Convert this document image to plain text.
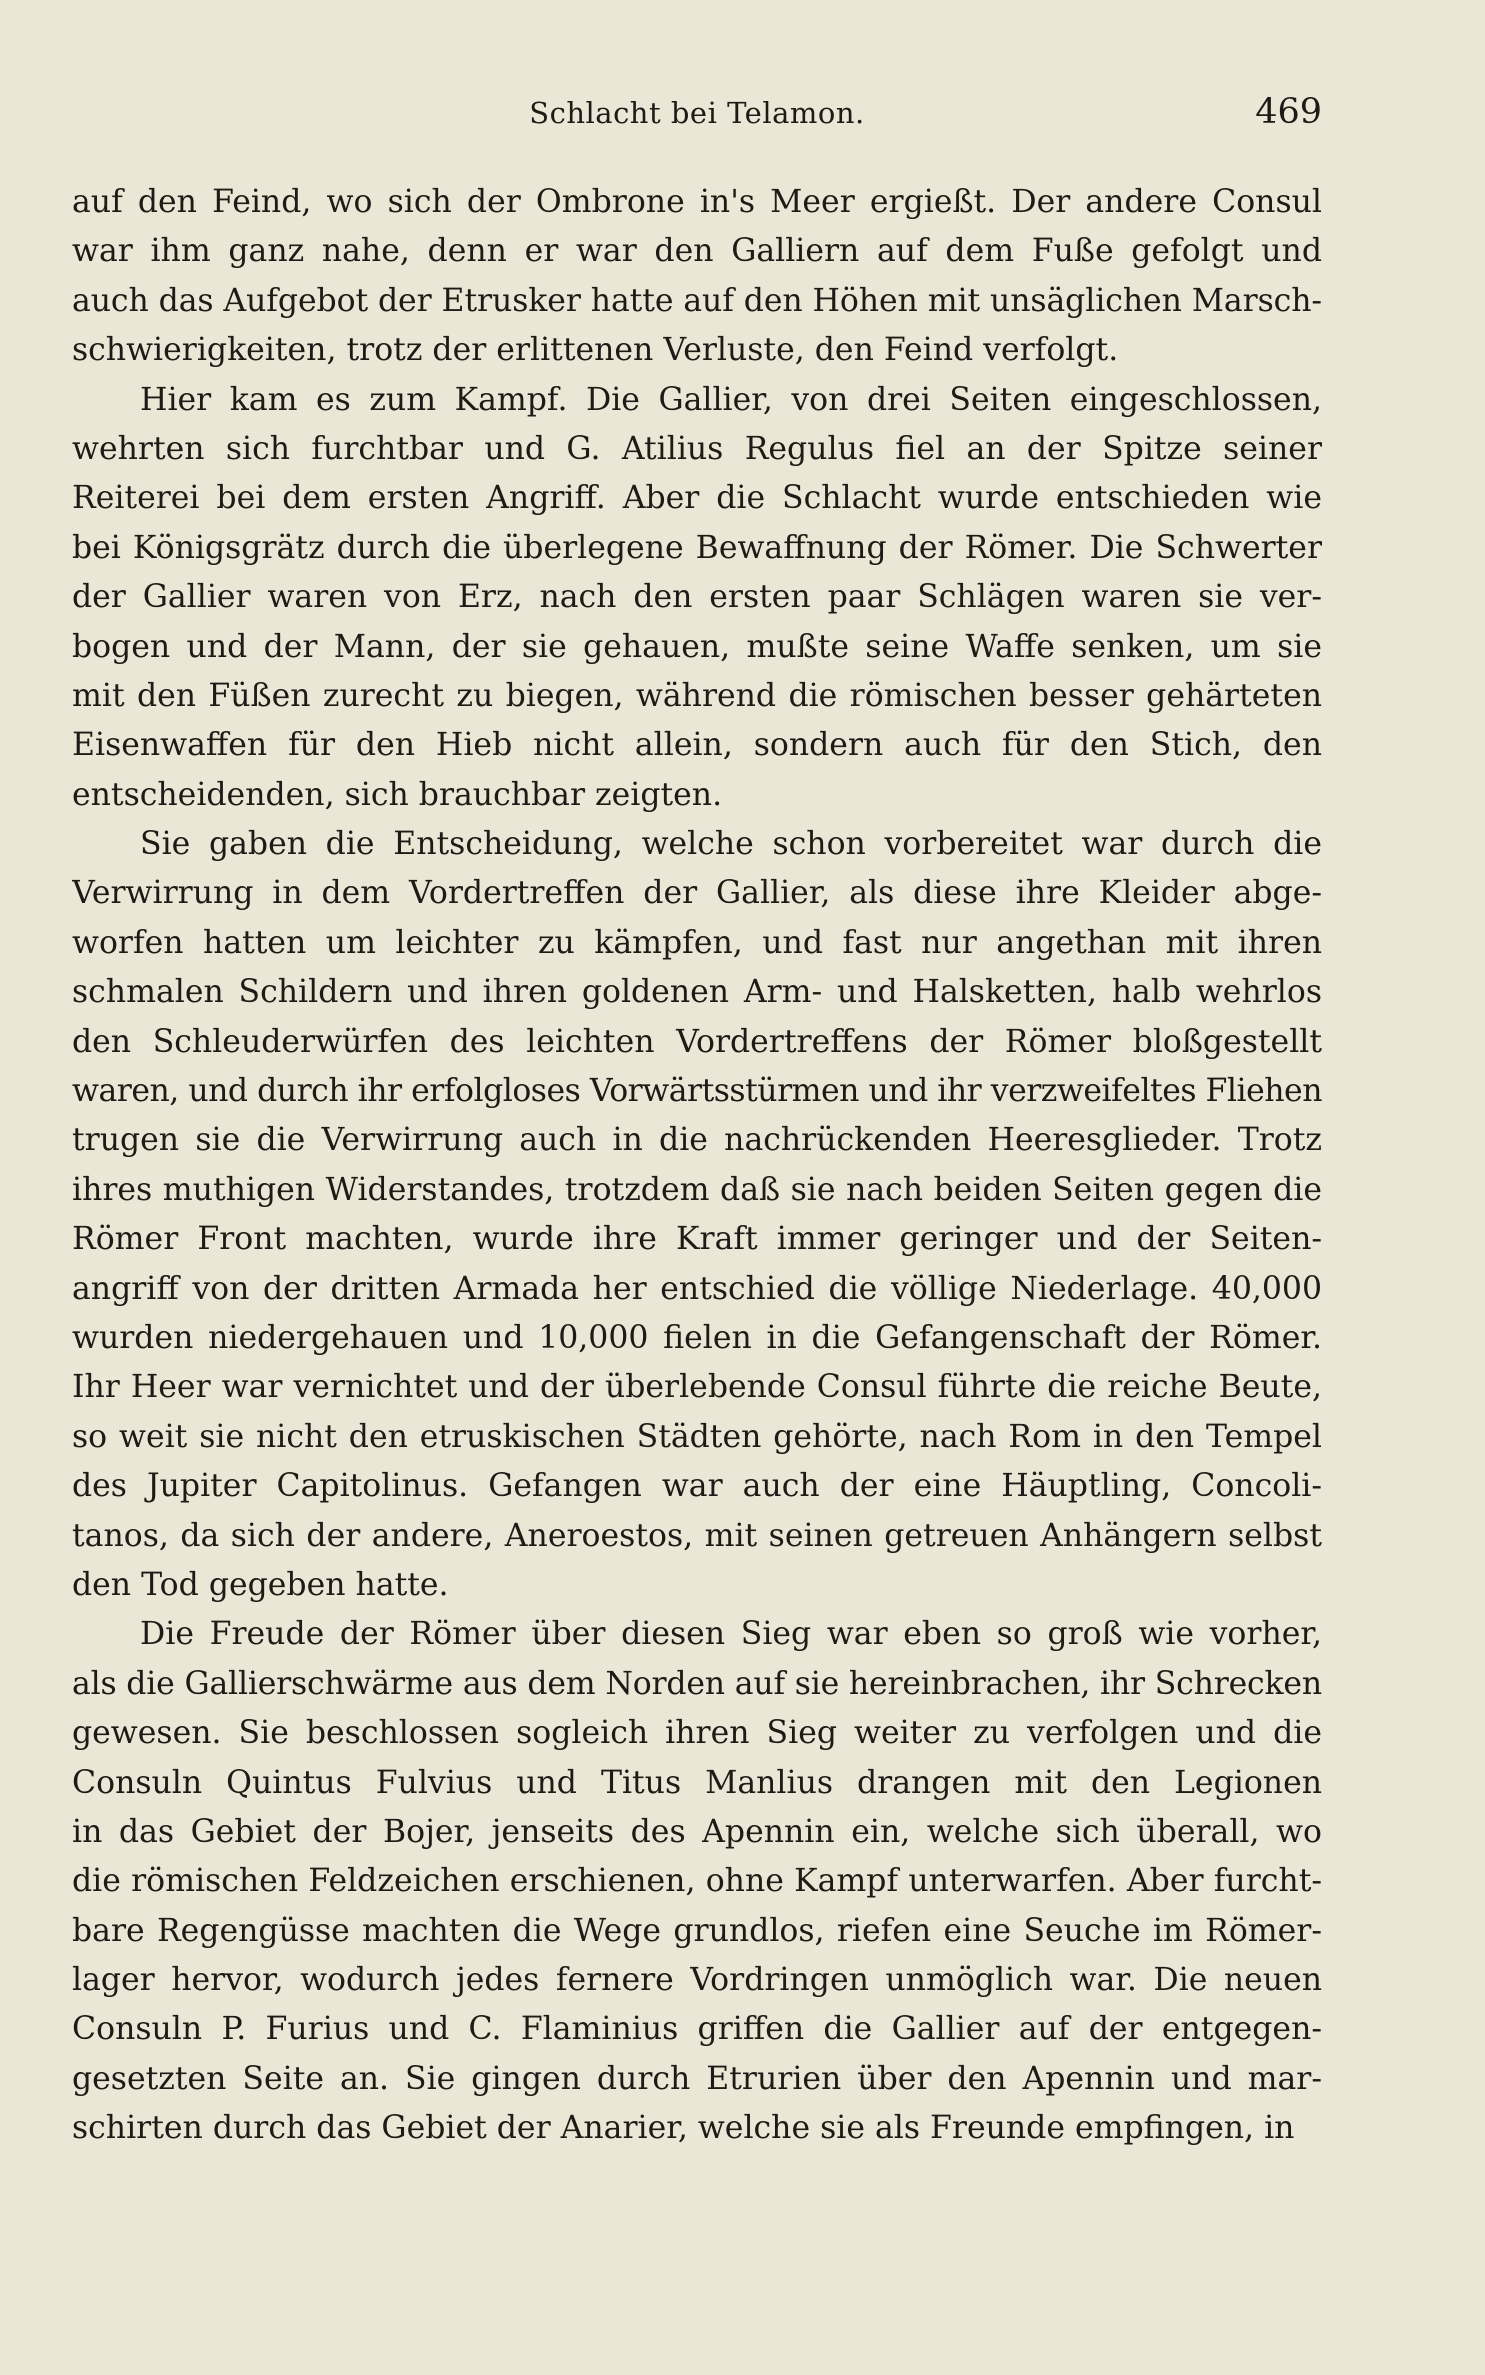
Schlacht bei Telamon.	469
auf den Feind, wo sich der Ombrone in's Meer ergießt. Der andere Consul
war ihm ganz nahe, denn er war den Galliern auf dem Fuße gefolgt und
auch das Aufgebot der Etrusker hatte auf den Höhen mit unsäglichen Marsch-
schwierigkeiten, trotz der erlittenen Verluste, den Feind verfolgt.
Hier kam es zum Kampf. Die Gallier, von drei Seiten eingeschlossen,
wehrten sich furchtbar und G. Atilius Regulus fiel an der Spitze seiner
Reiterei bei dem ersten Angriff. Aber die Schlacht wurde entschieden wie
bei Königsgrätz durch die überlegene Bewaffnung der Römer. Die Schwerter
der Gallier waren von Erz, nach den ersten paar Schlägen waren sie ver-
bogen und der Mann, der sie gehauen, mußte seine Waffe senken, um sie
mit den Füßen zurecht zu biegen, während die römischen besser gehärteten
Eisenwaffen für den Hieb nicht allein, sondern auch für den Stich, den
entscheidenden, sich brauchbar zeigten.
Sie gaben die Entscheidung, welche schon vorbereitet war durch die
Verwirrung in dem Vordertreffen der Gallier, als diese ihre Kleider abge-
worfen hatten um leichter zu kämpfen, und fast nur angethan mit ihren
schmalen Schildern und ihren goldenen Arm- und Halsketten, halb wehrlos
den Schleuderwürfen des leichten Vordertreffens der Römer bloßgestellt
waren, und durch ihr erfolgloses Vorwärtsstürmen und ihr verzweifeltes Fliehen
trugen sie die Verwirrung auch in die nachrückenden Heeresglieder. Trotz
ihres muthigen Widerstandes, trotzdem daß sie nach beiden Seiten gegen die
Römer Front machten, wurde ihre Kraft immer geringer und der Seiten-
angriff von der dritten Armada her entschied die völlige Niederlage. 40,000
wurden niedergehauen und 10,000 fielen in die Gefangenschaft der Römer.
Ihr Heer war vernichtet und der überlebende Consul führte die reiche Beute,
so weit sie nicht den etruskischen Städten gehörte, nach Rom in den Tempel
des Jupiter Capitolinus. Gefangen war auch der eine Häuptling, Concoli-
tanos, da sich der andere, Aneroestos, mit seinen getreuen Anhängern selbst
den Tod gegeben hatte.
Die Freude der Römer über diesen Sieg war eben so groß wie vorher,
als die Gallierschwärme aus dem Norden auf sie hereinbrachen, ihr Schrecken
gewesen. Sie beschlossen sogleich ihren Sieg weiter zu verfolgen und die
Consuln Quintus Fulvius und Titus Manlius drangen mit den Legionen
in das Gebiet der Bojer, jenseits des Apennin ein, welche sich überall, wo
die römischen Feldzeichen erschienen, ohne Kampf unterwarfen. Aber furcht-
bare Regengüsse machten die Wege grundlos, riefen eine Seuche im Römer-
lager hervor, wodurch jedes fernere Vordringen unmöglich war. Die neuen
Consuln P. Furius und C. Flaminius griffen die Gallier auf der entgegen-
gesetzten Seite an. Sie gingen durch Etrurien über den Apennin und mar-
schirten durch das Gebiet der Anarier, welche sie als Freunde empfingen, in
